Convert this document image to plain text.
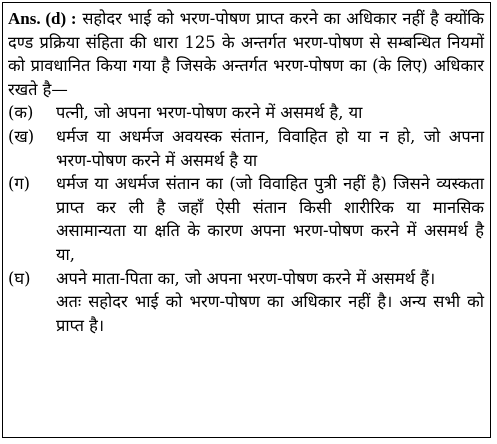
Ans. (d) : सहोदर भाई को भरण-पोषण प्राप्त करने का अधिकार नहीं है क्योंकि दण्ड प्रक्रिया संहिता की धारा 125 के अन्तर्गत भरण-पोषण से सम्बन्धित नियमों को प्रावधानित किया गया है जिसके अन्तर्गत भरण-पोषण का (के लिए) अधिकार रखते है—
(क)	पत्नी, जो अपना भरण-पोषण करने में असमर्थ है, या

(ख)	धर्मज या अधर्मज अवयस्क संतान, विवाहित हो या न हो, जो अपना भरण-पोषण करने में असमर्थ है या

(ग)	धर्मज या अधर्मज संतान का (जो विवाहित पुत्री नहीं है) जिसने व्यस्कता प्राप्त कर ली है जहाँ ऐसी संतान किसी शारीरिक या मानसिक असामान्यता या क्षति के कारण अपना भरण-पोषण करने में असमर्थ है या,

(घ)	अपने माता-पिता का, जो अपना भरण-पोषण करने में असमर्थ हैं।

अतः सहोदर भाई को भरण-पोषण का अधिकार नहीं है। अन्य सभी को प्राप्त है।
